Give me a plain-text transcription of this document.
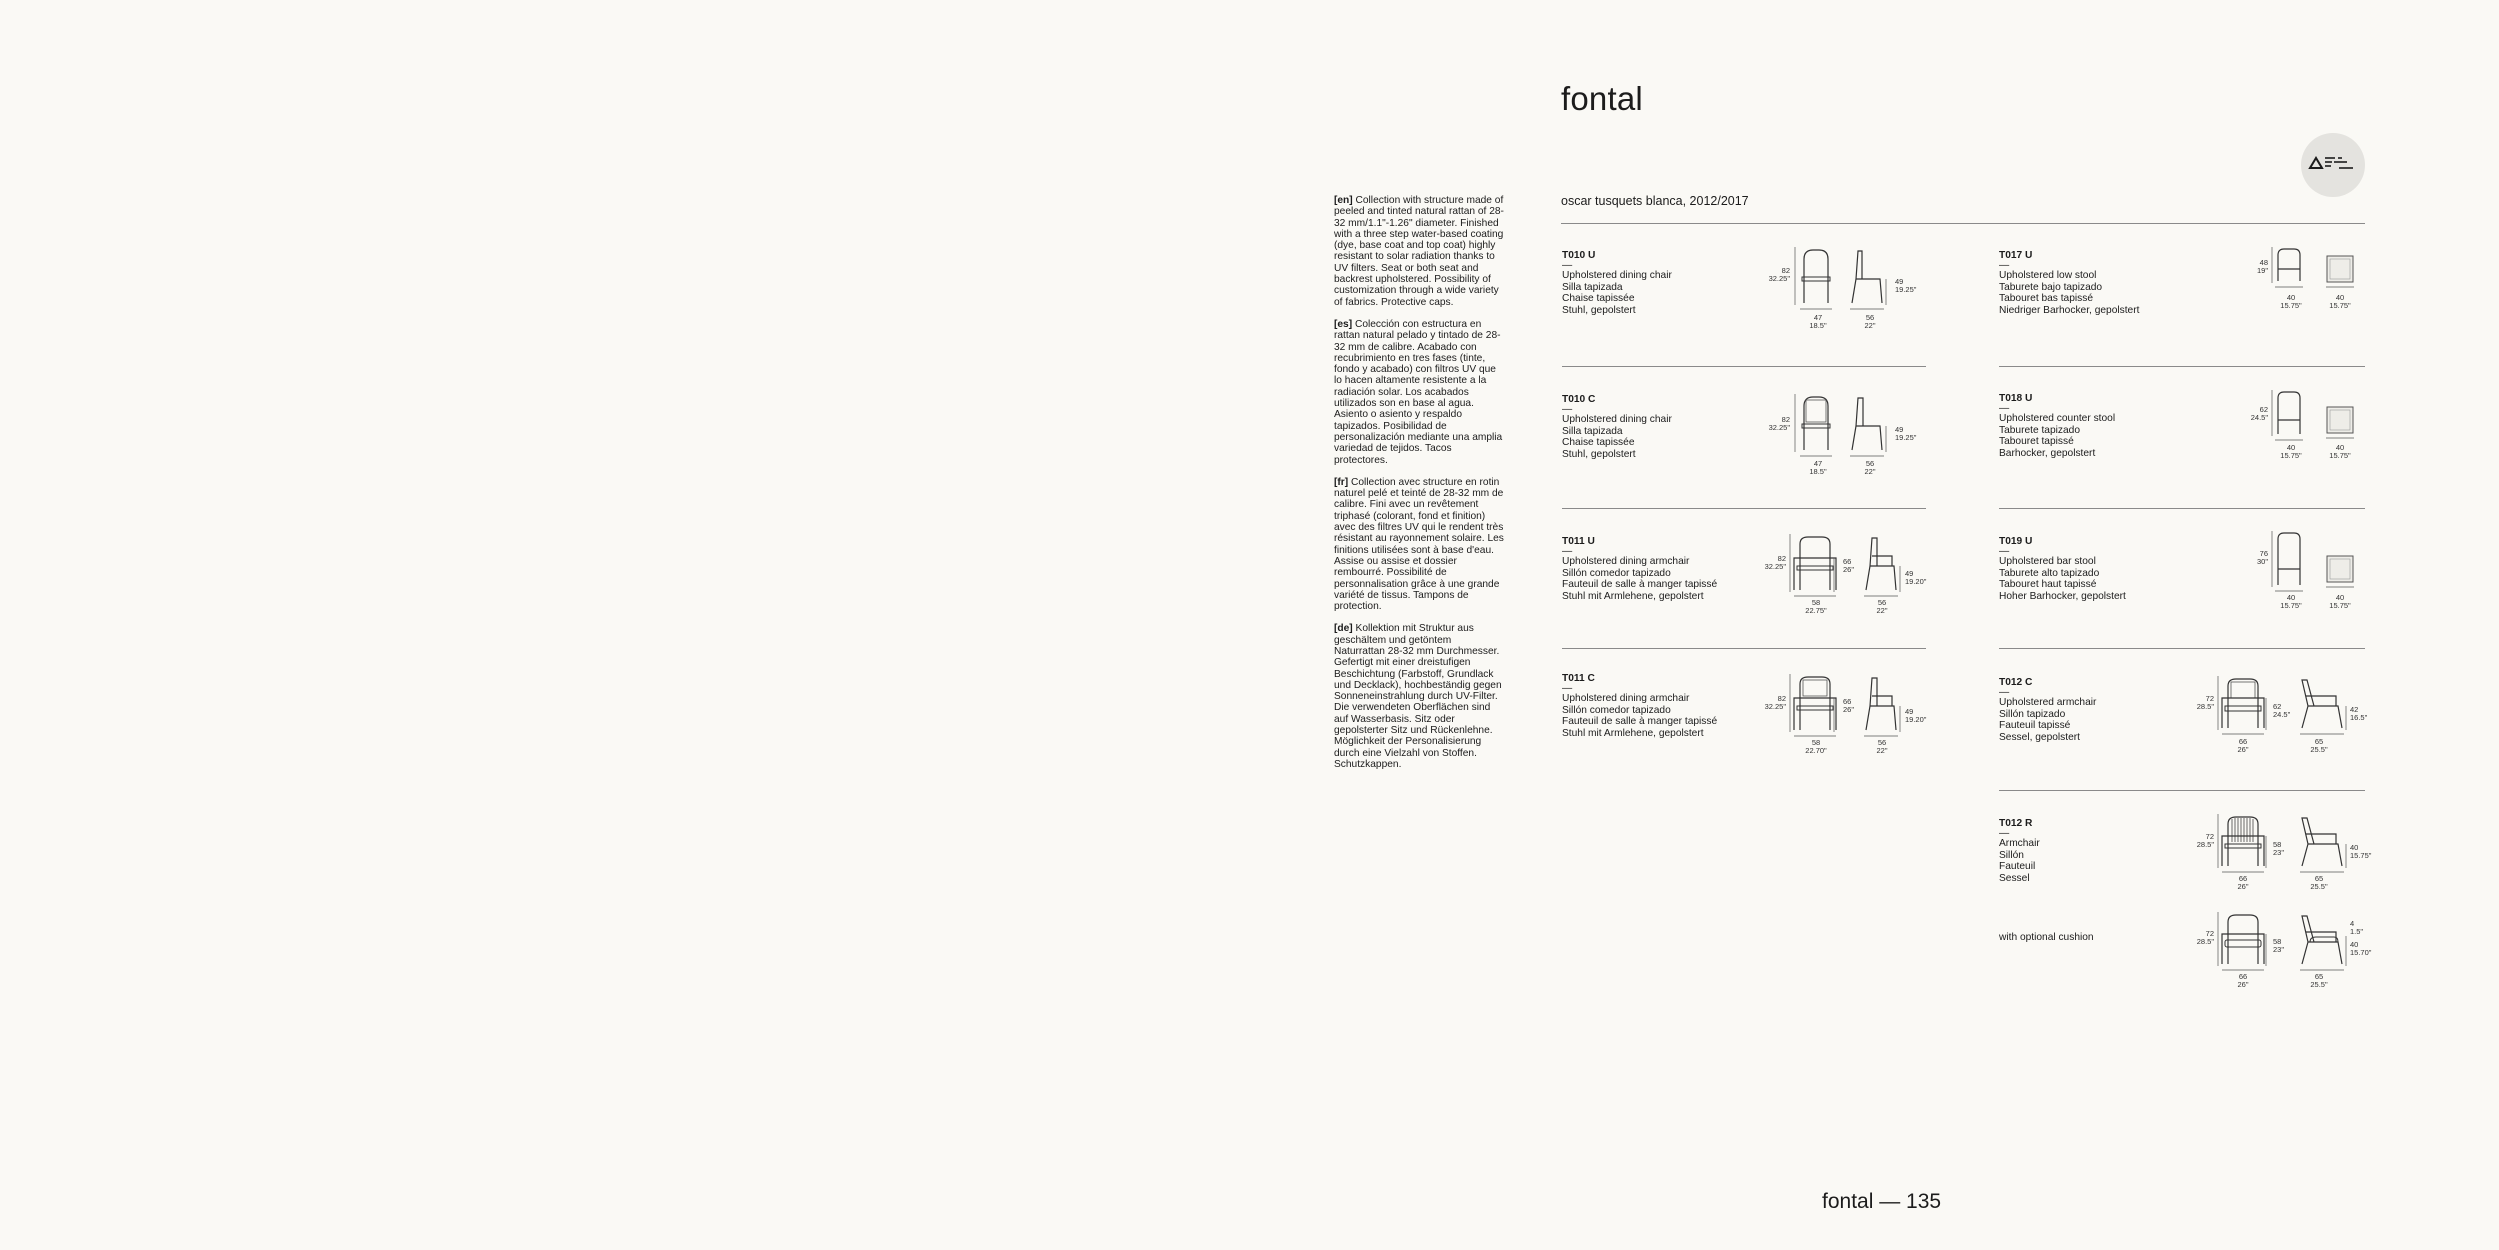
[en] Collection with structure made of peeled and tinted natural rattan of 28-32 mm/1.1"-1.26" diameter. Finished with a three step water-based coating (dye, base coat and top coat) highly resistant to solar radiation thanks to UV filters. Seat or both seat and backrest upholstered. Possibility of customization through a wide variety of fabrics. Protective caps.

[es] Colección con estructura en rattan natural pelado y tintado de 28-32 mm de calibre. Acabado con recubrimiento en tres fases (tinte, fondo y acabado) con filtros UV que lo hacen altamente resistente a la radiación solar. Los acabados utilizados son en base al agua. Asiento o asiento y respaldo tapizados. Posibilidad de personalización mediante una amplia variedad de tejidos. Tacos protectores.

[fr] Collection avec structure en rotin naturel pelé et teinté de 28-32 mm de calibre. Fini avec un revêtement triphasé (colorant, fond et finition) avec des filtres UV qui le rendent très résistant au rayonnement solaire. Les finitions utilisées sont à base d'eau. Assise ou assise et dossier rembourré. Possibilité de personnalisation grâce à une grande variété de tissus. Tampons de protection.

[de] Kollektion mit Struktur aus geschältem und getöntem Naturrattan 28-32 mm Durchmesser. Gefertigt mit einer dreistufigen Beschichtung (Farbstoff, Grundlack und Decklack), hochbeständig gegen Sonneneinstrahlung durch UV-Filter. Die verwendeten Oberflächen sind auf Wasserbasis. Sitz oder gepolsterter Sitz und Rückenlehne. Möglichkeit der Personalisierung durch eine Vielzahl von Stoffen. Schutzkappen.

fontal
oscar tusquets blanca, 2012/2017
T010 U
—
Upholstered dining chair
Silla tapizada
Chaise tapissée
Stuhl, gepolstert
82
32.25"	49
19.25"
47
18.5"
56
22"
T010 C
—
Upholstered dining chair
Silla tapizada
Chaise tapissée
Stuhl, gepolstert
82
32.25"	49
19.25"
47
18.5"
56
22"
T011 U
—
Upholstered dining armchair
Sillón comedor tapizado
Fauteuil de salle à manger tapissé
Stuhl mit Armlehene, gepolstert
82
32.25"
66
26"	49
19.20"
58
22.75"
56
22"
T011 C
—
Upholstered dining armchair
Sillón comedor tapizado
Fauteuil de salle à manger tapissé
Stuhl mit Armlehene, gepolstert
82
32.25"
66
26"	49
19.20"
58
22.70"
56
22"
T017 U
—
Upholstered low stool
Taburete bajo tapizado
Tabouret bas tapissé
Niedriger Barhocker, gepolstert
48
19"
40
15.75"
40
15.75"
T018 U
—
Upholstered counter stool
Taburete tapizado
Tabouret tapissé
Barhocker, gepolstert
62
24.5"
40
15.75"
40
15.75"
T019 U
—
Upholstered bar stool
Taburete alto tapizado
Tabouret haut tapissé
Hoher Barhocker, gepolstert
76
30"
40
15.75"
40
15.75"
T012 C
—
Upholstered armchair
Sillón tapizado
Fauteuil tapissé
Sessel, gepolstert
72
28.5"	62
24.5"
42
16.5"
66
26"
65
25.5"
T012 R
—
Armchair
Sillón
Fauteuil
Sessel
72
28.5"	58
23"
40
15.75"
66
26"
65
25.5"
with optional cushion	72
28.5"	58
23"
4
1.5"
40
15.70"
66
26"
65
25.5"
fontal — 135
